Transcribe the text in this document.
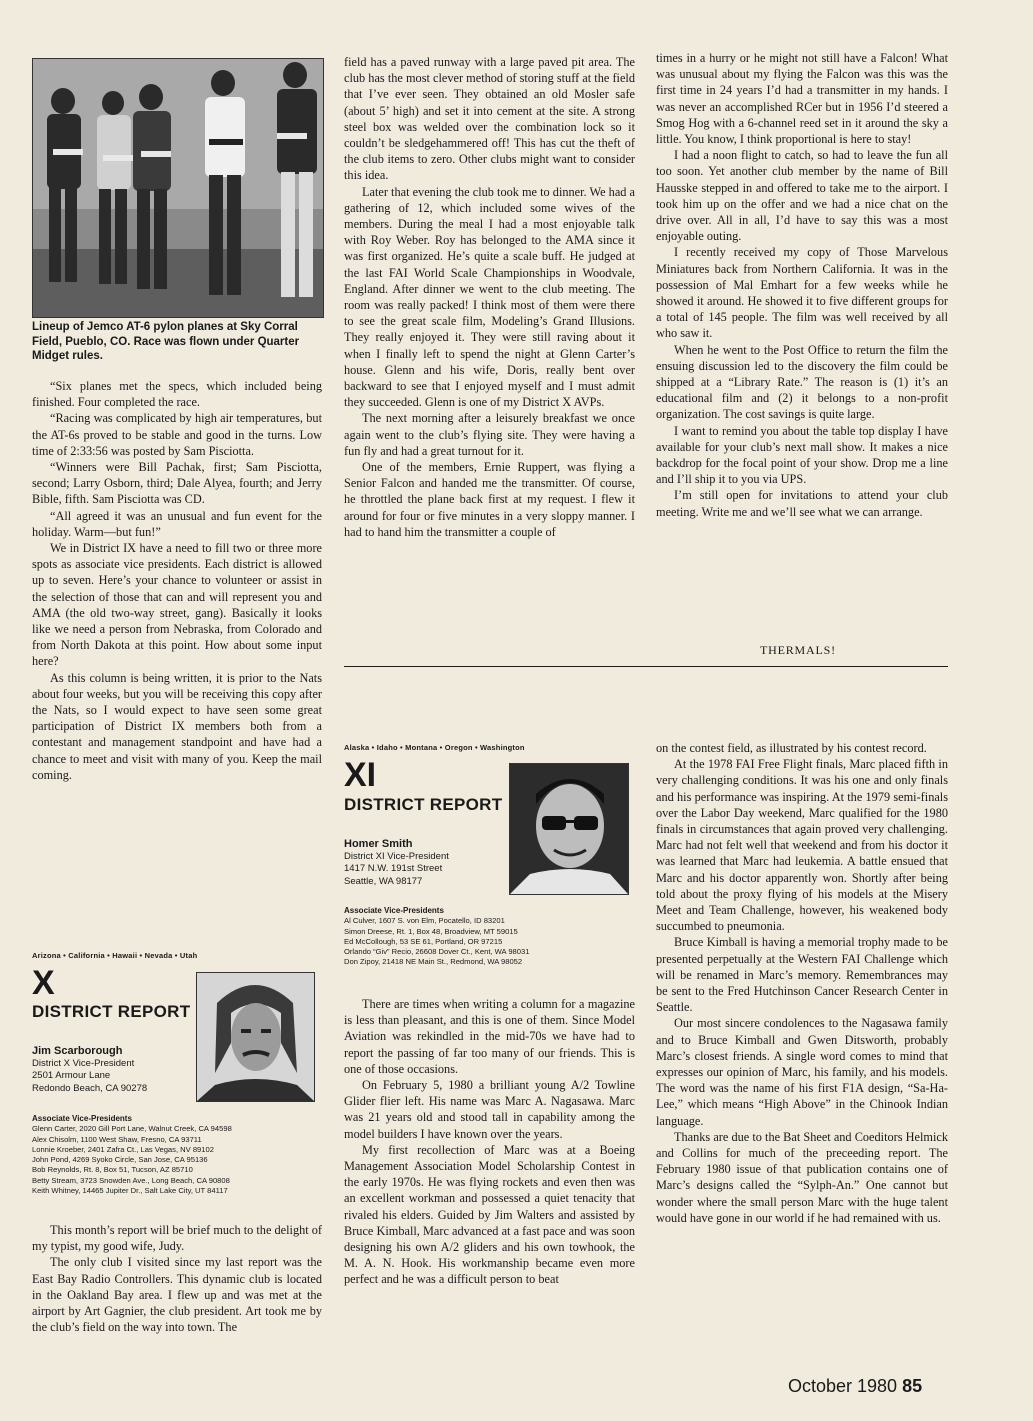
Lineup of Jemco AT-6 pylon planes at Sky Corral Field, Pueblo, CO. Race was flown under Quarter Midget rules.

“Six planes met the specs, which included being finished. Four completed the race.

“Racing was complicated by high air temperatures, but the AT-6s proved to be stable and good in the turns. Low time of 2:33:56 was posted by Sam Pisciotta.

“Winners were Bill Pachak, first; Sam Pisciotta, second; Larry Osborn, third; Dale Alyea, fourth; and Jerry Bible, fifth. Sam Pisciotta was CD.

“All agreed it was an unusual and fun event for the holiday. Warm—but fun!”

We in District IX have a need to fill two or three more spots as associate vice presidents. Each district is allowed up to seven. Here’s your chance to volunteer or assist in the selection of those that can and will represent you and AMA (the old two-way street, gang). Basically it looks like we need a person from Nebraska, from Colorado and from North Dakota at this point. How about some input here?

As this column is being written, it is prior to the Nats about four weeks, but you will be receiving this copy after the Nats, so I would expect to have seen some great participation of District IX members both from a contestant and management standpoint and have had a chance to meet and visit with many of you. Keep the mail coming.

field has a paved runway with a large paved pit area. The club has the most clever method of storing stuff at the field that I’ve ever seen. They obtained an old Mosler safe (about 5’ high) and set it into cement at the site. A strong steel box was welded over the combination lock so it couldn’t be sledgehammered off! This has cut the theft of the club items to zero. Other clubs might want to consider this idea.

Later that evening the club took me to dinner. We had a gathering of 12, which included some wives of the members. During the meal I had a most enjoyable talk with Roy Weber. Roy has belonged to the AMA since it was first organized. He’s quite a scale buff. He judged at the last FAI World Scale Championships in Woodvale, England. After dinner we went to the club meeting. The room was really packed! I think most of them were there to see the great scale film, Modeling’s Grand Illusions. They really enjoyed it. They were still raving about it when I finally left to spend the night at Glenn Carter’s house. Glenn and his wife, Doris, really bent over backward to see that I enjoyed myself and I must admit they succeeded. Glenn is one of my District X AVPs.

The next morning after a leisurely breakfast we once again went to the club’s flying site. They were having a fun fly and had a great turnout for it.

One of the members, Ernie Ruppert, was flying a Senior Falcon and handed me the transmitter. Of course, he throttled the plane back first at my request. I flew it around for four or five minutes in a very sloppy manner. I had to hand him the transmitter a couple of

times in a hurry or he might not still have a Falcon! What was unusual about my flying the Falcon was this was the first time in 24 years I’d had a transmitter in my hands. I was never an accomplished RCer but in 1956 I’d steered a Smog Hog with a 6-channel reed set in it around the sky a little. You know, I think proportional is here to stay!

I had a noon flight to catch, so had to leave the fun all too soon. Yet another club member by the name of Bill Hausske stepped in and offered to take me to the airport. I took him up on the offer and we had a nice chat on the drive over. All in all, I’d have to say this was a most enjoyable outing.

I recently received my copy of Those Marvelous Miniatures back from Northern California. It was in the possession of Mal Emhart for a few weeks while he showed it around. He showed it to five different groups for a total of 145 people. The film was well received by all who saw it.

When he went to the Post Office to return the film the ensuing discussion led to the discovery the film could be shipped at a “Library Rate.” The reason is (1) it’s an educational film and (2) it belongs to a non-profit organization. The cost savings is quite large.

I want to remind you about the table top display I have available for your club’s next mall show. It makes a nice backdrop for the focal point of your show. Drop me a line and I’ll ship it to you via UPS.

I’m still open for invitations to attend your club meeting. Write me and we’ll see what we can arrange.

THERMALS!
Alaska • Idaho • Montana • Oregon • Washington
XI
DISTRICT REPORT
Homer Smith
District XI Vice-President
1417 N.W. 191st Street
Seattle, WA 98177
Associate Vice-Presidents
Al Culver, 1607 S. von Elm, Pocatello, ID 83201
Simon Dreese, Rt. 1, Box 48, Broadview, MT 59015
Ed McCollough, 53 SE 61, Portland, OR 97215
Orlando “Giv” Recio, 26608 Dover Ct., Kent, WA 98031
Don Zipoy, 21418 NE Main St., Redmond, WA 98052

There are times when writing a column for a magazine is less than pleasant, and this is one of them. Since Model Aviation was rekindled in the mid-70s we have had to report the passing of far too many of our friends. This is one of those occasions.

On February 5, 1980 a brilliant young A/2 Towline Glider flier left. His name was Marc A. Nagasawa. Marc was 21 years old and stood tall in capability among the model builders I have known over the years.

My first recollection of Marc was at a Boeing Management Association Model Scholarship Contest in the early 1970s. He was flying rockets and even then was an excellent workman and possessed a quiet tenacity that rivaled his elders. Guided by Jim Walters and assisted by Bruce Kimball, Marc advanced at a fast pace and was soon designing his own A/2 gliders and his own towhook, the M. A. N. Hook. His workmanship became even more perfect and he was a difficult person to beat

on the contest field, as illustrated by his contest record.

At the 1978 FAI Free Flight finals, Marc placed fifth in very challenging conditions. It was his one and only finals and his performance was inspiring. At the 1979 semi-finals over the Labor Day weekend, Marc qualified for the 1980 finals in circumstances that again proved very challenging. Marc had not felt well that weekend and from his doctor it was learned that Marc had leukemia. A battle ensued that Marc and his doctor apparently won. Shortly after being told about the proxy flying of his models at the Misery Meet and Team Challenge, however, his weakened body succumbed to pneumonia.

Bruce Kimball is having a memorial trophy made to be presented perpetually at the Western FAI Challenge which will be renamed in Marc’s memory. Remembrances may be sent to the Fred Hutchinson Cancer Research Center in Seattle.

Our most sincere condolences to the Nagasawa family and to Bruce Kimball and Gwen Ditsworth, probably Marc’s closest friends. A single word comes to mind that expresses our opinion of Marc, his family, and his models. The word was the name of his first F1A design, “Sa-Ha-Lee,” which means “High Above” in the Chinook Indian language.

Thanks are due to the Bat Sheet and Coeditors Helmick and Collins for much of the preceeding report. The February 1980 issue of that publication contains one of Marc’s designs called the “Sylph-An.” One cannot but wonder where the small person Marc with the huge talent would have gone in our world if he had remained with us.

Arizona • California • Hawaii • Nevada • Utah
X
DISTRICT REPORT
Jim Scarborough
District X Vice-President
2501 Armour Lane
Redondo Beach, CA 90278
Associate Vice-Presidents
Glenn Carter, 2020 Gill Port Lane, Walnut Creek, CA 94598
Alex Chisolm, 1100 West Shaw, Fresno, CA 93711
Lonnie Kroeber, 2401 Zafra Ct., Las Vegas, NV 89102
John Pond, 4269 Syoko Circle, San Jose, CA 95136
Bob Reynolds, Rt. 8, Box 51, Tucson, AZ 85710
Betty Stream, 3723 Snowden Ave., Long Beach, CA 90808
Keith Whitney, 14465 Jupiter Dr., Salt Lake City, UT 84117

This month’s report will be brief much to the delight of my typist, my good wife, Judy.

The only club I visited since my last report was the East Bay Radio Controllers. This dynamic club is located in the Oakland Bay area. I flew up and was met at the airport by Art Gagnier, the club president. Art took me by the club’s field on the way into town. The

October 1980 85
